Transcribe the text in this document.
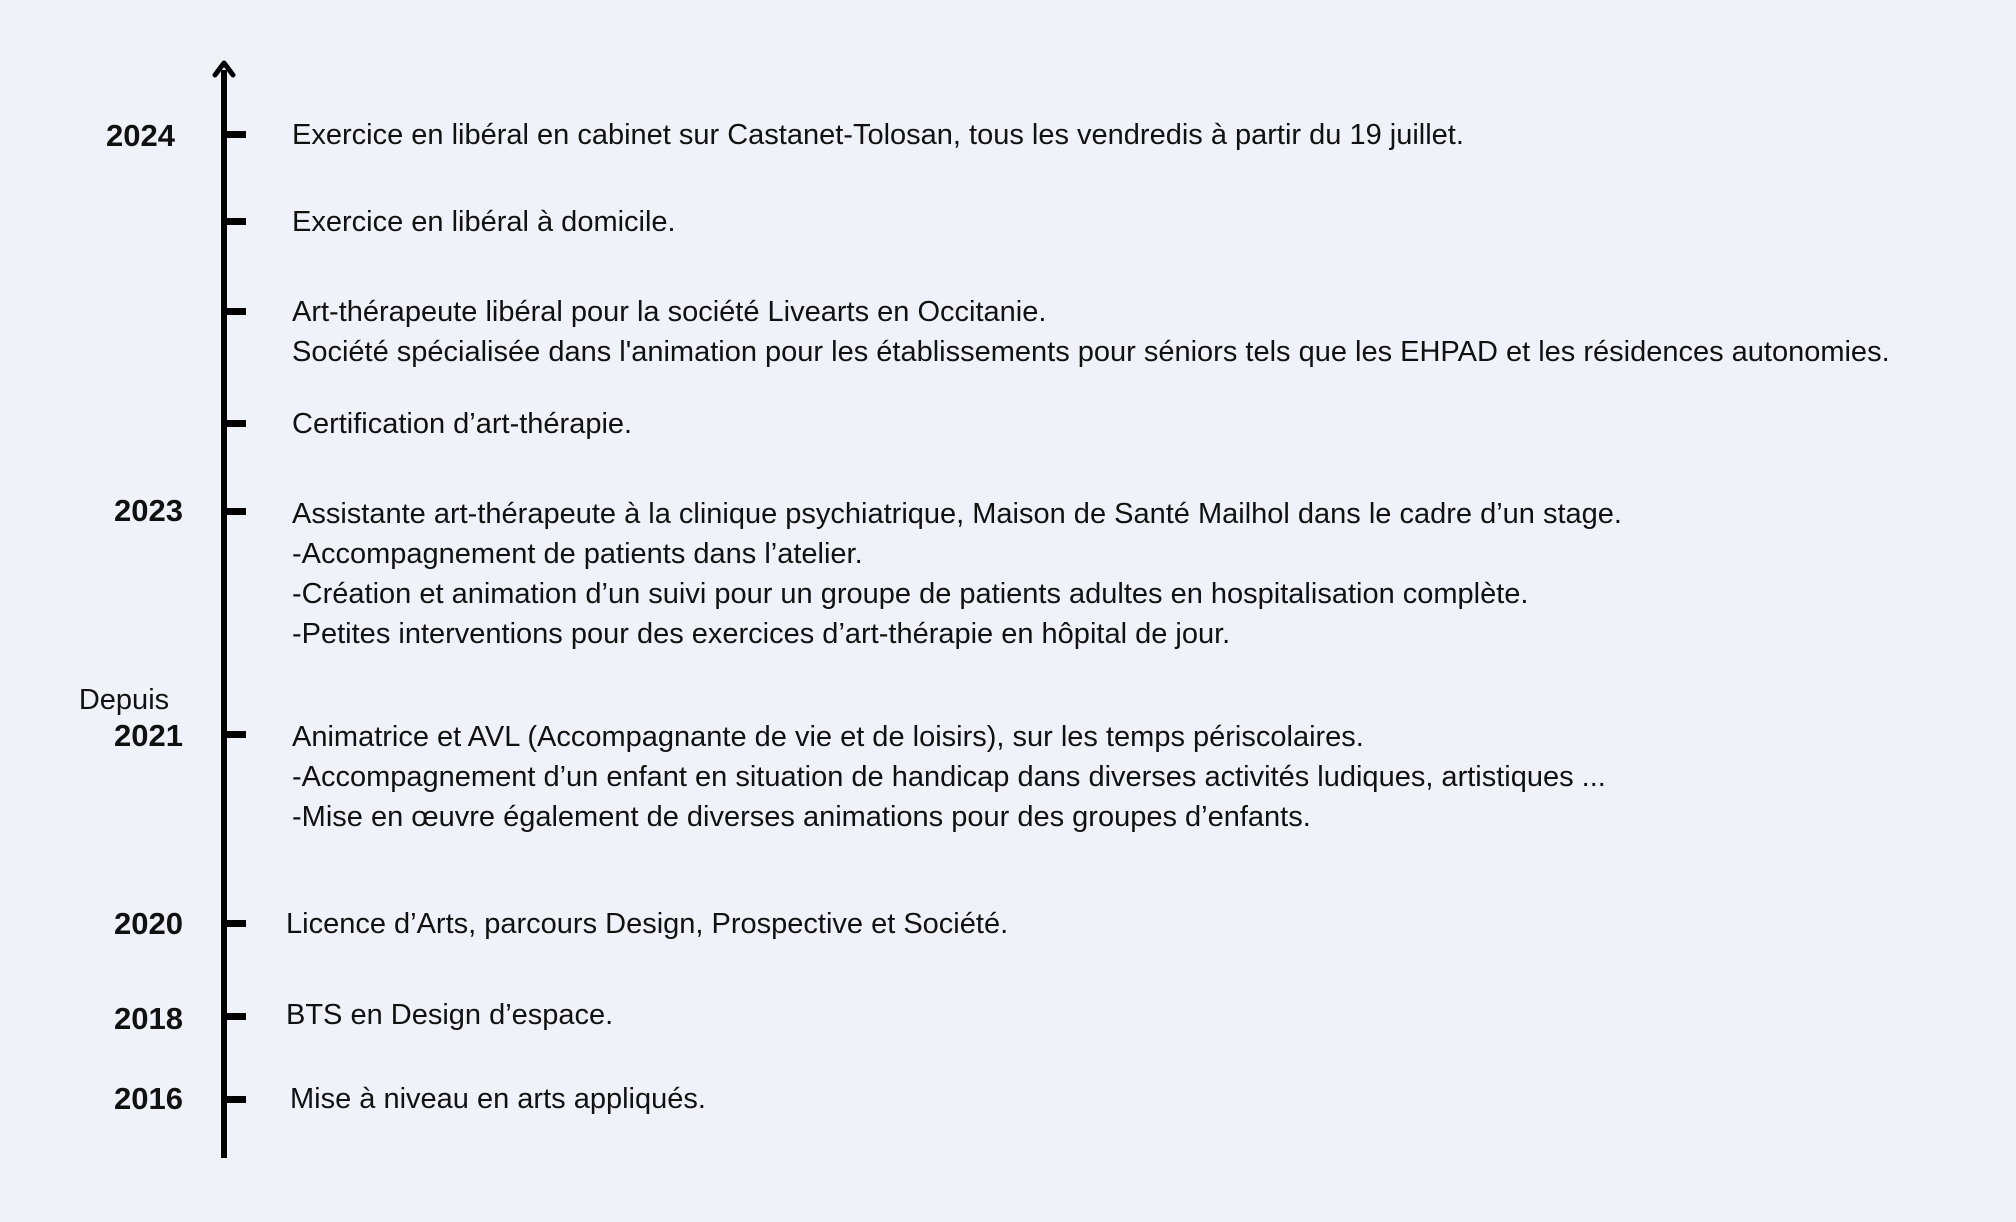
2024
2023
Depuis
2021
2020
2018
2016
Exercice en libéral en cabinet sur Castanet-Tolosan, tous les vendredis à partir du 19 juillet.
Exercice en libéral à domicile.
Art-thérapeute libéral pour la société Livearts en Occitanie.
Société spécialisée dans l'animation pour les établissements pour séniors tels que les EHPAD et les résidences autonomies.
Certification d’art-thérapie.
Assistante art-thérapeute à la clinique psychiatrique, Maison de Santé Mailhol dans le cadre d’un stage.
-Accompagnement de patients dans l’atelier.
-Création et animation d’un suivi pour un groupe de patients adultes en hospitalisation complète.
-Petites interventions pour des exercices d’art-thérapie en hôpital de jour.
Animatrice et AVL (Accompagnante de vie et de loisirs), sur les temps périscolaires.
-Accompagnement d’un enfant en situation de handicap dans diverses activités ludiques, artistiques ...
-Mise en œuvre également de diverses animations pour des groupes d’enfants.
Licence d’Arts, parcours Design, Prospective et Société.
BTS en Design d’espace.
Mise à niveau en arts appliqués.
